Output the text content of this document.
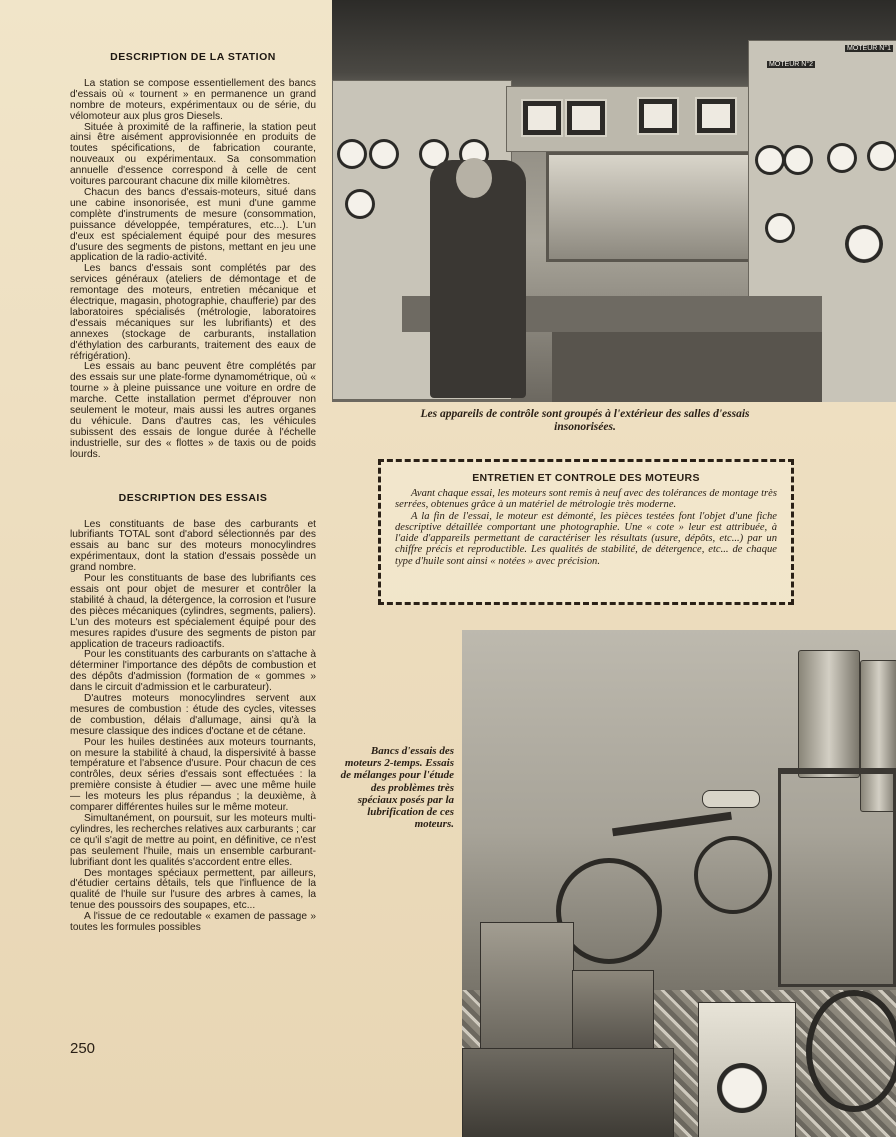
DESCRIPTION DE LA STATION

La station se compose essentiellement des bancs d'essais où « tournent » en permanence un grand nombre de moteurs, expérimentaux ou de série, du vélomoteur aux plus gros Diesels.

Située à proximité de la raffinerie, la station peut ainsi être aisément approvisionnée en produits de toutes spécifications, de fabrication courante, nouveaux ou expérimentaux. Sa consommation annuelle d'essence correspond à celle de cent voitures parcourant chacune dix mille kilomètres.

Chacun des bancs d'essais-moteurs, situé dans une cabine insonorisée, est muni d'une gamme complète d'instruments de mesure (consommation, puissance développée, températures, etc...). L'un d'eux est spécialement équipé pour des mesures d'usure des segments de pistons, mettant en jeu une application de la radio-activité.

Les bancs d'essais sont complétés par des services généraux (ateliers de démontage et de remontage des moteurs, entretien mécanique et électrique, magasin, photographie, chaufferie) par des laboratoires spécialisés (métrologie, laboratoires d'essais mécaniques sur les lubrifiants) et des annexes (stockage de carburants, installation d'éthylation des carburants, traitement des eaux de réfrigération).

Les essais au banc peuvent être complétés par des essais sur une plate-forme dynamométrique, où « tourne » à pleine puissance une voiture en ordre de marche. Cette installation permet d'éprouver non seulement le moteur, mais aussi les autres organes du véhicule. Dans d'autres cas, les véhicules subissent des essais de longue durée à l'échelle industrielle, sur des « flottes » de taxis ou de poids lourds.

DESCRIPTION DES ESSAIS

Les constituants de base des carburants et lubrifiants TOTAL sont d'abord sélectionnés par des essais au banc sur des moteurs monocylindres expérimentaux, dont la station d'essais possède un grand nombre.

Pour les constituants de base des lubrifiants ces essais ont pour objet de mesurer et contrôler la stabilité à chaud, la détergence, la corrosion et l'usure des pièces mécaniques (cylindres, segments, paliers). L'un des moteurs est spécialement équipé pour des mesures rapides d'usure des segments de piston par application de traceurs radioactifs.

Pour les constituants des carburants on s'attache à déterminer l'importance des dépôts de combustion et des dépôts d'admission (formation de « gommes » dans le circuit d'admission et le carburateur).

D'autres moteurs monocylindres servent aux mesures de combustion : étude des cycles, vitesses de combustion, délais d'allumage, ainsi qu'à la mesure classique des indices d'octane et de cétane.

Pour les huiles destinées aux moteurs tournants, on mesure la stabilité à chaud, la dispersivité à basse température et l'absence d'usure. Pour chacun de ces contrôles, deux séries d'essais sont effectuées : la première consiste à étudier — avec une même huile — les moteurs les plus répandus ; la deuxième, à comparer différentes huiles sur le même moteur.

Simultanément, on poursuit, sur les moteurs multi-cylindres, les recherches relatives aux carburants ; car ce qu'il s'agit de mettre au point, en définitive, ce n'est pas seulement l'huile, mais un ensemble carburant-lubrifiant dont les qualités s'accordent entre elles.

Des montages spéciaux permettent, par ailleurs, d'étudier certains détails, tels que l'influence de la qualité de l'huile sur l'usure des arbres à cames, la tenue des poussoirs des soupapes, etc...

A l'issue de ce redoutable « examen de passage » toutes les formules possibles

250
MOTEUR N°2
MOTEUR N°1
Les appareils de contrôle sont groupés à l'extérieur des salles d'essais insonorisées.

ENTRETIEN ET CONTROLE DES MOTEURS

Avant chaque essai, les moteurs sont remis à neuf avec des tolérances de montage très serrées, obtenues grâce à un matériel de métrologie très moderne.

A la fin de l'essai, le moteur est démonté, les pièces testées font l'objet d'une fiche descriptive détaillée comportant une photographie. Une « cote » leur est attribuée, à l'aide d'appareils permettant de caractériser les résultats (usure, dépôts, etc...) par un chiffre précis et reproductible. Les qualités de stabilité, de détergence, etc... de chaque type d'huile sont ainsi « notées » avec précision.

Bancs d'essais des moteurs 2-temps. Essais de mélanges pour l'étude des problèmes très spéciaux posés par la lubrification de ces moteurs.
